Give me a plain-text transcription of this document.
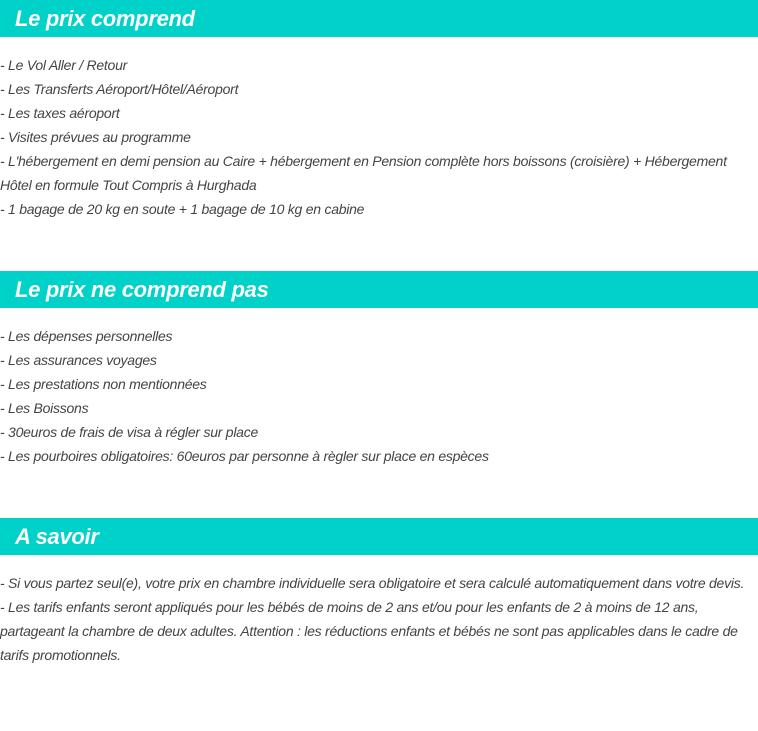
Le prix comprend
- Le Vol Aller / Retour
- Les Transferts Aéroport/Hôtel/Aéroport
- Les taxes aéroport
- Visites prévues au programme
- L'hébergement en demi pension au Caire + hébergement en Pension complète hors boissons (croisière) + Hébergement Hôtel en formule Tout Compris à Hurghada
- 1 bagage de 20 kg en soute + 1 bagage de 10 kg en cabine
Le prix ne comprend pas
- Les dépenses personnelles
- Les assurances voyages
- Les prestations non mentionnées
- Les Boissons
- 30euros de frais de visa à régler sur place
- Les pourboires obligatoires: 60euros par personne à règler sur place en espèces
A savoir
- Si vous partez seul(e), votre prix en chambre individuelle sera obligatoire et sera calculé automatiquement dans votre devis.
- Les tarifs enfants seront appliqués pour les bébés de moins de 2 ans et/ou pour les enfants de 2 à moins de 12 ans, partageant la chambre de deux adultes. Attention : les réductions enfants et bébés ne sont pas applicables dans le cadre de tarifs promotionnels.
